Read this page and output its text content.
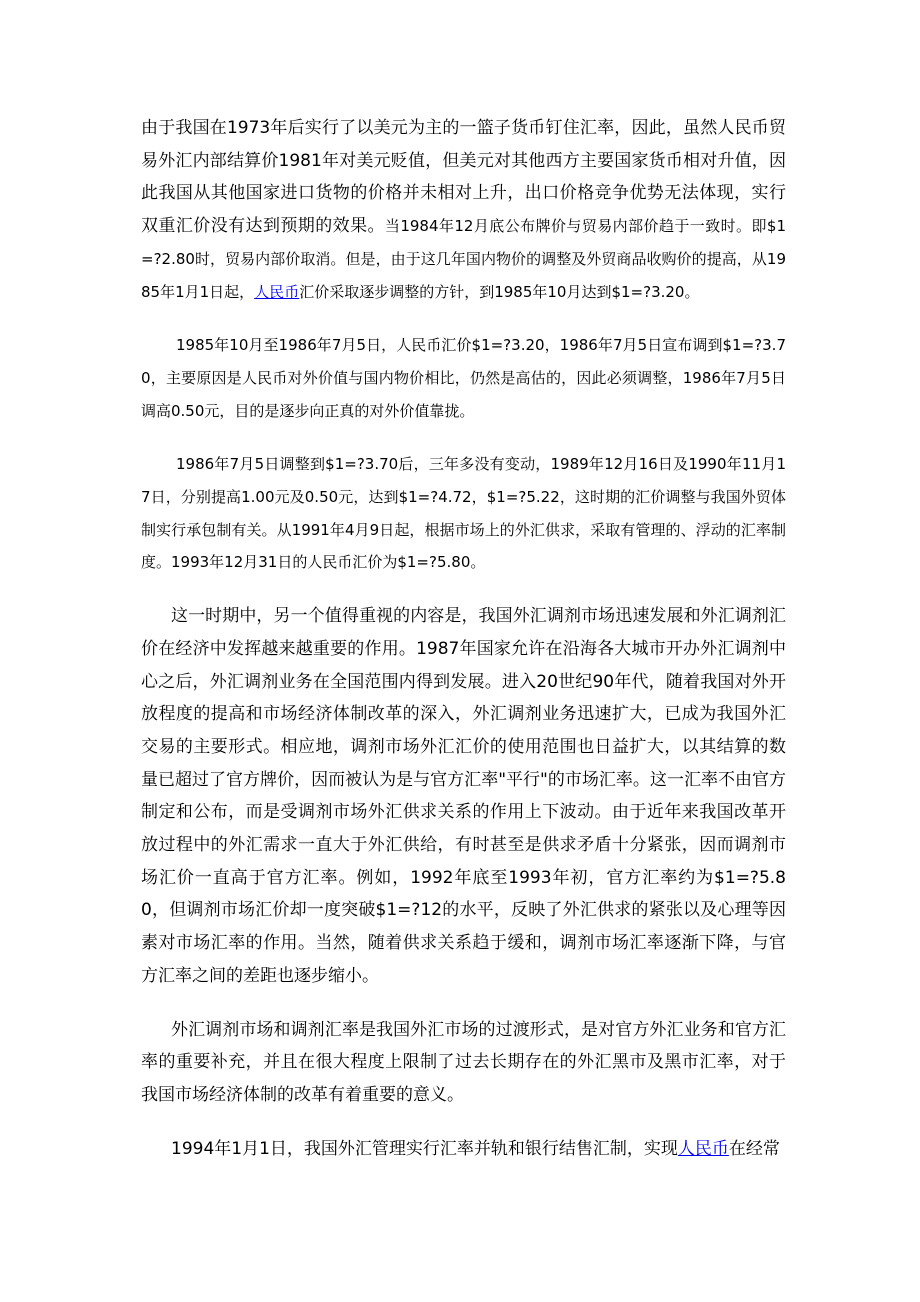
由于我国在1973年后实行了以美元为主的一篮子货币钉住汇率，因此，虽然人民币贸易外汇内部结算价1981年对美元贬值，但美元对其他西方主要国家货币相对升值，因此我国从其他国家进口货物的价格并未相对上升，出口价格竞争优势无法体现，实行双重汇价没有达到预期的效果。当1984年12月底公布牌价与贸易内部价趋于一致时。即$1=?2.80时，贸易内部价取消。但是，由于这几年国内物价的调整及外贸商品收购价的提高，从1985年1月1日起，人民币汇价采取逐步调整的方针，到1985年10月达到$1=?3.20。

1985年10月至1986年7月5日，人民币汇价$1=?3.20，1986年7月5日宣布调到$1=?3.70，主要原因是人民币对外价值与国内物价相比，仍然是高估的，因此必须调整，1986年7月5日调高0.50元，目的是逐步向正真的对外价值靠拢。

1986年7月5日调整到$1=?3.70后，三年多没有变动，1989年12月16日及1990年11月17日，分别提高1.00元及0.50元，达到$1=?4.72，$1=?5.22，这时期的汇价调整与我国外贸体制实行承包制有关。从1991年4月9日起，根据市场上的外汇供求，采取有管理的、浮动的汇率制度。1993年12月31日的人民币汇价为$1=?5.80。

这一时期中，另一个值得重视的内容是，我国外汇调剂市场迅速发展和外汇调剂汇价在经济中发挥越来越重要的作用。1987年国家允许在沿海各大城市开办外汇调剂中心之后，外汇调剂业务在全国范围内得到发展。进入20世纪90年代，随着我国对外开放程度的提高和市场经济体制改革的深入，外汇调剂业务迅速扩大，已成为我国外汇交易的主要形式。相应地，调剂市场外汇汇价的使用范围也日益扩大，以其结算的数量已超过了官方牌价，因而被认为是与官方汇率"平行"的市场汇率。这一汇率不由官方制定和公布，而是受调剂市场外汇供求关系的作用上下波动。由于近年来我国改革开放过程中的外汇需求一直大于外汇供给，有时甚至是供求矛盾十分紧张，因而调剂市场汇价一直高于官方汇率。例如，1992年底至1993年初，官方汇率约为$1=?5.80，但调剂市场汇价却一度突破$1=?12的水平，反映了外汇供求的紧张以及心理等因素对市场汇率的作用。当然，随着供求关系趋于缓和，调剂市场汇率逐渐下降，与官方汇率之间的差距也逐步缩小。

外汇调剂市场和调剂汇率是我国外汇市场的过渡形式，是对官方外汇业务和官方汇率的重要补充，并且在很大程度上限制了过去长期存在的外汇黑市及黑市汇率，对于我国市场经济体制的改革有着重要的意义。

1994年1月1日，我国外汇管理实行汇率并轨和银行结售汇制，实现人民币在经常
